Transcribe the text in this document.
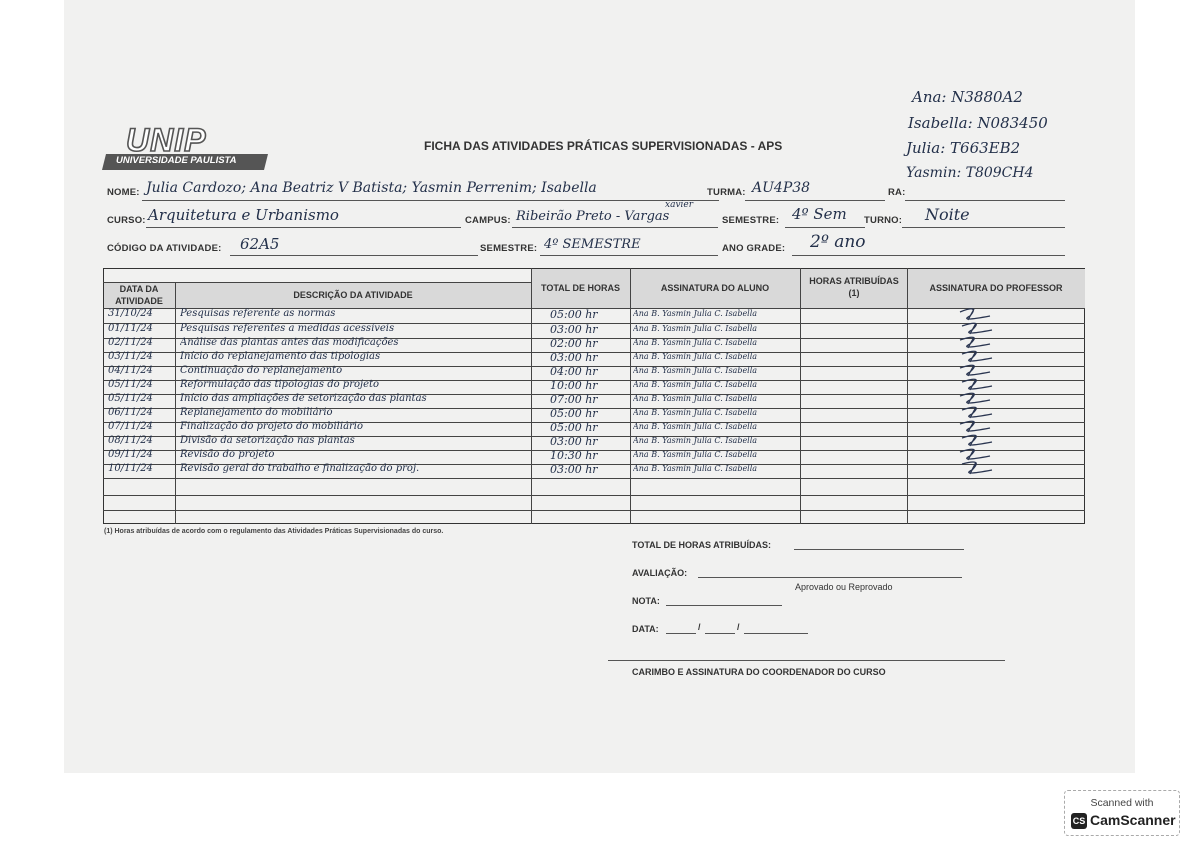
UNIP
UNIVERSIDADE PAULISTA
FICHA DAS ATIVIDADES PRÁTICAS SUPERVISIONADAS - APS
Ana: N3880A2
Isabella: N083450
Julia: T663EB2
Yasmin: T809CH4
NOME: Julia Cardozo; Ana Beatriz V Batista; Yasmin Perrenim; Isabella	TURMA: AU4P38	RA:
CURSO: Arquitetura e Urbanismo	CAMPUS: Ribeirão Preto - Vargas
xavier
SEMESTRE: 4º Sem TURNO: Noite
CÓDIGO DA ATIVIDADE: 62A5	SEMESTRE: 4º SEMESTRE	ANO GRADE: 2º ano
DATA DA ATIVIDADE
DESCRIÇÃO DA ATIVIDADE
TOTAL DE HORAS	ASSINATURA DO ALUNO
HORAS ATRIBUÍDAS (1)	ASSINATURA DO PROFESSOR
31/10/24	Pesquisas referente as normas	05:00 hr	Ana B. Yasmin Julia C. Isabella
01/11/24	Pesquisas referentes a medidas acessíveis	03:00 hr	Ana B. Yasmin Julia C. Isabella
02/11/24	Análise das plantas antes das modificações	02:00 hr	Ana B. Yasmin Julia C. Isabella
03/11/24	Início do replanejamento das tipologias	03:00 hr	Ana B. Yasmin Julia C. Isabella
04/11/24	Continuação do replanejamento	04:00 hr	Ana B. Yasmin Julia C. Isabella
05/11/24	Reformulação das tipologias do projeto	10:00 hr	Ana B. Yasmin Julia C. Isabella
05/11/24	Início das ampliações de setorização das plantas	07:00 hr	Ana B. Yasmin Julia C. Isabella
06/11/24	Replanejamento do mobiliário	05:00 hr	Ana B. Yasmin Julia C. Isabella
07/11/24	Finalização do projeto do mobiliário	05:00 hr	Ana B. Yasmin Julia C. Isabella
08/11/24	Divisão da setorização nas plantas	03:00 hr	Ana B. Yasmin Julia C. Isabella
09/11/24	Revisão do projeto	10:30 hr	Ana B. Yasmin Julia C. Isabella
10/11/24	Revisão geral do trabalho e finalização do proj.	03:00 hr	Ana B. Yasmin Julia C. Isabella
(1) Horas atribuídas de acordo com o regulamento das Atividades Práticas Supervisionadas do curso.
TOTAL DE HORAS ATRIBUÍDAS:
AVALIAÇÃO:
Aprovado ou Reprovado
NOTA:
DATA:	/	/
CARIMBO E ASSINATURA DO COORDENADOR DO CURSO
Scanned with
CS CamScanner
